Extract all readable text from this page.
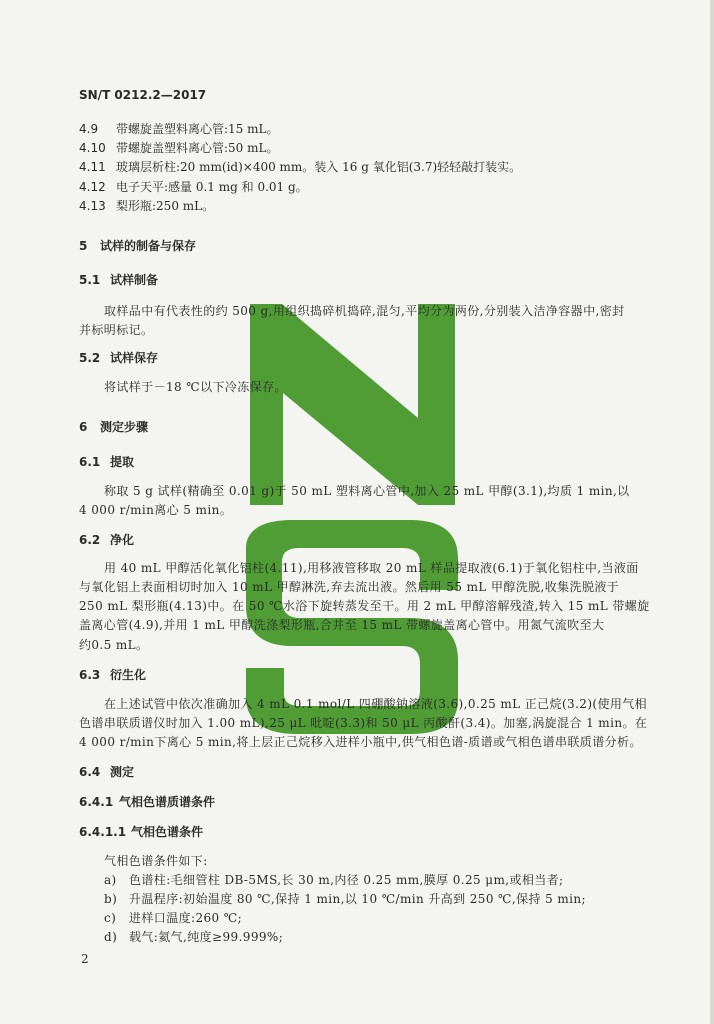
SN/T 0212.2—2017
4.9 带螺旋盖塑料离心管:15 mL。
4.10 带螺旋盖塑料离心管:50 mL。
4.11 玻璃层析柱:20 mm(id)×400 mm。装入 16 g 氧化铝(3.7)轻轻敲打装实。
4.12 电子天平:感量 0.1 mg 和 0.01 g。
4.13 梨形瓶:250 mL。
5 试样的制备与保存
5.1 试样制备
取样品中有代表性的约 500 g,用组织捣碎机捣碎,混匀,平均分为两份,分别装入洁净容器中,密封
并标明标记。
5.2 试样保存
将试样于－18 ℃以下冷冻保存。
6 测定步骤
6.1 提取
称取 5 g 试样(精确至 0.01 g)于 50 mL 塑料离心管中,加入 25 mL 甲醇(3.1),均质 1 min,以
4 000 r/min离心 5 min。
6.2 净化
用 40 mL 甲醇活化氧化铝柱(4.11),用移液管移取 20 mL 样品提取液(6.1)于氧化铝柱中,当液面
与氧化铝上表面相切时加入 10 mL 甲醇淋洗,弃去流出液。然后用 55 mL 甲醇洗脱,收集洗脱液于
250 mL 梨形瓶(4.13)中。在 50 ℃水浴下旋转蒸发至干。用 2 mL 甲醇溶解残渣,转入 15 mL 带螺旋
盖离心管(4.9),并用 1 mL 甲醇洗涤梨形瓶,合并至 15 mL 带螺旋盖离心管中。用氮气流吹至大
约0.5 mL。
6.3 衍生化
在上述试管中依次准确加入 4 mL 0.1 mol/L 四硼酸钠溶液(3.6),0.25 mL 正己烷(3.2)(使用气相
色谱串联质谱仪时加入 1.00 mL),25 μL 吡啶(3.3)和 50 μL 丙酸酐(3.4)。加塞,涡旋混合 1 min。在
4 000 r/min下离心 5 min,将上层正己烷移入进样小瓶中,供气相色谱-质谱或气相色谱串联质谱分析。
6.4 测定
6.4.1 气相色谱质谱条件
6.4.1.1 气相色谱条件
气相色谱条件如下:
a) 色谱柱:毛细管柱 DB-5MS,长 30 m,内径 0.25 mm,膜厚 0.25 μm,或相当者;
b) 升温程序:初始温度 80 ℃,保持 1 min,以 10 ℃/min 升高到 250 ℃,保持 5 min;
c) 进样口温度:260 ℃;
d) 载气:氦气,纯度≥99.999%;
2
